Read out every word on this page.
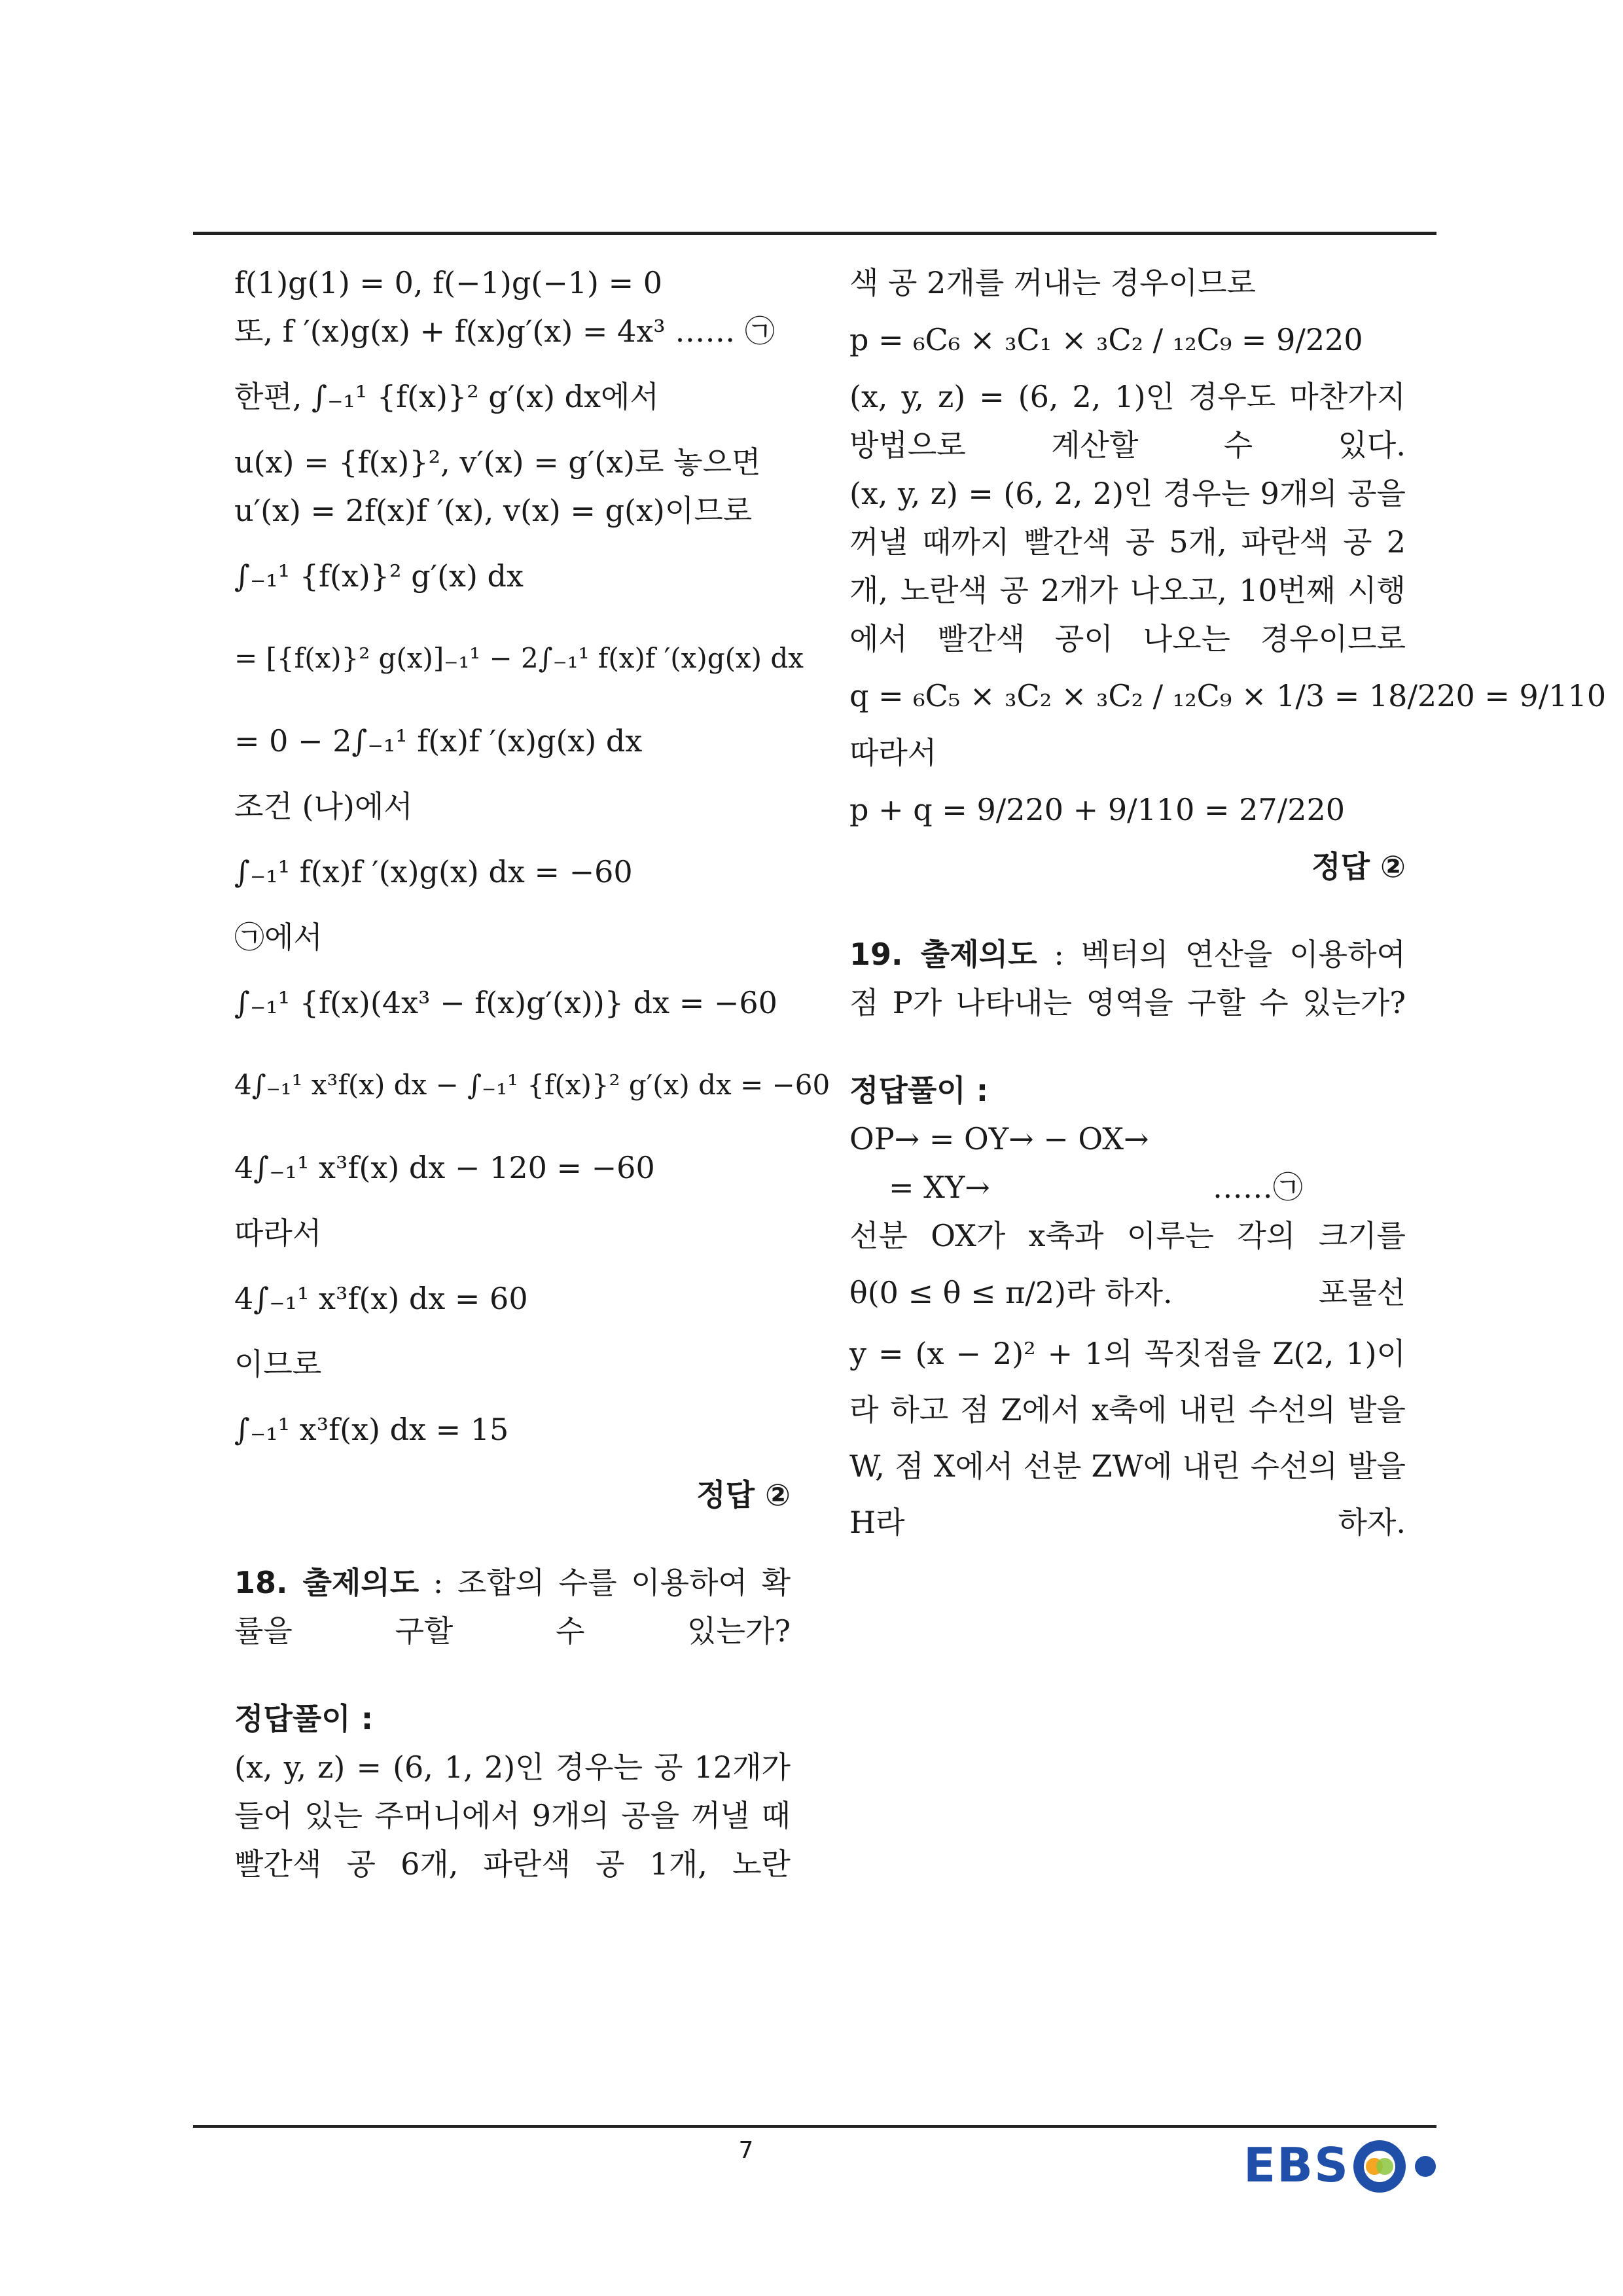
f(1)g(1) = 0, f(−1)g(−1) = 0
또, f ′(x)g(x) + f(x)g′(x) = 4x³ …… ㉠
한편, ∫₋₁¹ {f(x)}² g′(x) dx에서
u(x) = {f(x)}², v′(x) = g′(x)로 놓으면
u′(x) = 2f(x)f ′(x), v(x) = g(x)이므로
∫₋₁¹ {f(x)}² g′(x) dx
= [{f(x)}² g(x)]₋₁¹ − 2∫₋₁¹ f(x)f ′(x)g(x) dx
= 0 − 2∫₋₁¹ f(x)f ′(x)g(x) dx
조건 (나)에서
∫₋₁¹ f(x)f ′(x)g(x) dx = −60
㉠에서
∫₋₁¹ {f(x)(4x³ − f(x)g′(x))} dx = −60
4∫₋₁¹ x³f(x) dx − ∫₋₁¹ {f(x)}² g′(x) dx = −60
4∫₋₁¹ x³f(x) dx − 120 = −60
따라서
4∫₋₁¹ x³f(x) dx = 60
이므로
∫₋₁¹ x³f(x) dx = 15
정답 ②
18. 출제의도 : 조합의 수를 이용하여 확률을 구할 수 있는가?
정답풀이 :
(x, y, z) = (6, 1, 2)인 경우는 공 12개가 들어 있는 주머니에서 9개의 공을 꺼낼 때 빨간색 공 6개, 파란색 공 1개, 노란
색 공 2개를 꺼내는 경우이므로
p = ₆C₆ × ₃C₁ × ₃C₂ / ₁₂C₉ = 9/220
(x, y, z) = (6, 2, 1)인 경우도 마찬가지 방법으로 계산할 수 있다.
(x, y, z) = (6, 2, 2)인 경우는 9개의 공을 꺼낼 때까지 빨간색 공 5개, 파란색 공 2개, 노란색 공 2개가 나오고, 10번째 시행에서 빨간색 공이 나오는 경우이므로
q = ₆C₅ × ₃C₂ × ₃C₂ / ₁₂C₉ × 1/3 = 18/220 = 9/110
따라서
p + q = 9/220 + 9/110 = 27/220
정답 ②
19. 출제의도 : 벡터의 연산을 이용하여 점 P가 나타내는 영역을 구할 수 있는가?
정답풀이 :
OP→ = OY→ − OX→
= XY→	……㉠
선분 OX가 x축과 이루는 각의 크기를
θ(0 ≤ θ ≤ π/2)라 하자.	포물선
y = (x − 2)² + 1의 꼭짓점을 Z(2, 1)이라 하고 점 Z에서 x축에 내린 수선의 발을 W, 점 X에서 선분 ZW에 내린 수선의 발을 H라 하자.
7	EBS
